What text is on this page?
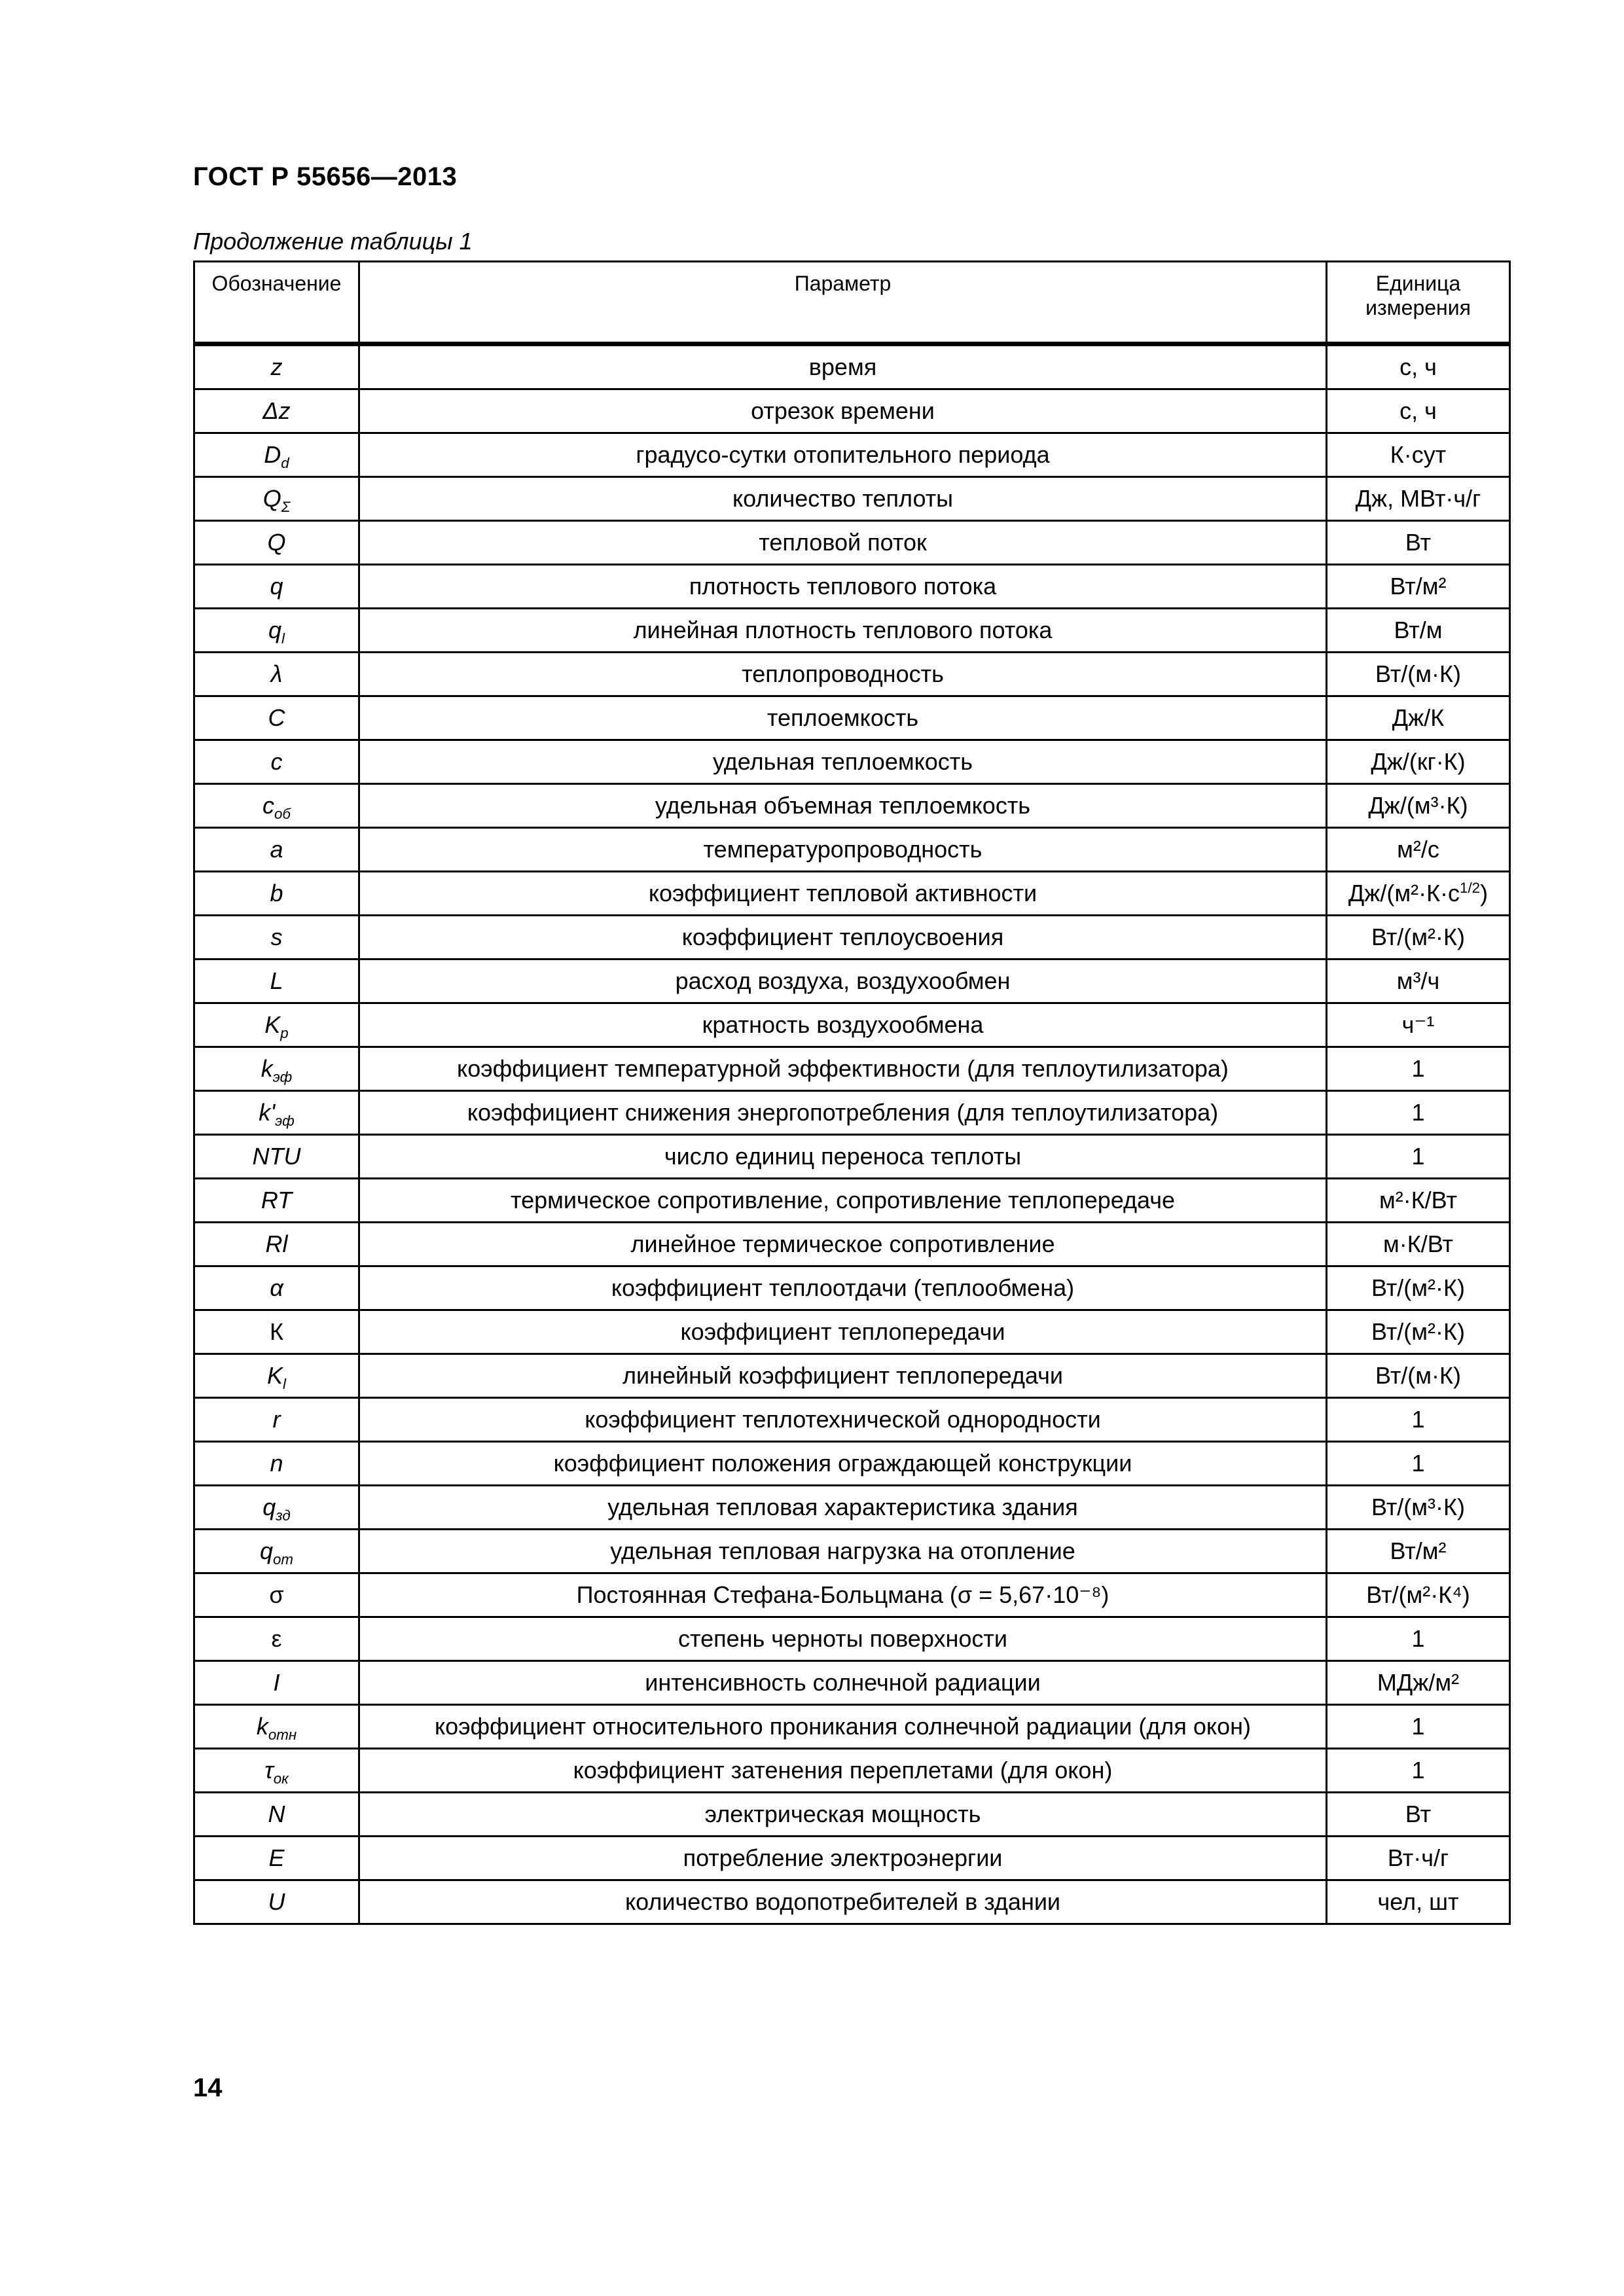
ГОСТ Р 55656—2013
Продолжение таблицы 1
Обозначение	Параметр	Единица
измерения
z	время	с, ч
Δz	отрезок времени	с, ч
$D_d$	градусо-сутки отопительного периода	К·сут
$Q_\Sigma$	количество теплоты	Дж, МВт·ч/г
Q	тепловой поток	Вт
q	плотность теплового потока	Вт/м²
$q_l$	линейная плотность теплового потока	Вт/м
λ	теплопроводность	Вт/(м·К)
C	теплоемкость	Дж/К
c	удельная теплоемкость	Дж/(кг·К)
$c_{об}$	удельная объемная теплоемкость	Дж/(м³·К)
a	температуропроводность	м²/с
b	коэффициент тепловой активности	$Дж/(м^2\cdot К\cdot с^{1/2})$
s	коэффициент теплоусвоения	Вт/(м²·К)
L	расход воздуха, воздухообмен	м³/ч
$K_p$	кратность воздухообмена	ч⁻¹
$k_{эф}$	коэффициент температурной эффективности (для теплоутилизатора)	1
$k'_{эф}$	коэффициент снижения энергопотребления (для теплоутилизатора)	1
NTU	число единиц переноса теплоты	1
RT	термическое сопротивление, сопротивление теплопередаче	м²·К/Вт
Rl	линейное термическое сопротивление	м·К/Вт
α	коэффициент теплоотдачи (теплообмена)	Вт/(м²·К)
К	коэффициент теплопередачи	Вт/(м²·К)
$K_l$	линейный коэффициент теплопередачи	Вт/(м·К)
r	коэффициент теплотехнической однородности	1
n	коэффициент положения ограждающей конструкции	1
$q_{зд}$	удельная тепловая характеристика здания	Вт/(м³·К)
$q_{от}$	удельная тепловая нагрузка на отопление	Вт/м²
σ	Постоянная Стефана-Больцмана (σ = 5,67·10⁻⁸)	Вт/(м²·К⁴)
ε	степень черноты поверхности	1
I	интенсивность солнечной радиации	МДж/м²
$k_{отн}$	коэффициент относительного проникания солнечной радиации (для окон)	1
$\tau_{ок}$	коэффициент затенения переплетами (для окон)	1
N	электрическая мощность	Вт
E	потребление электроэнергии	Вт·ч/г
U	количество водопотребителей в здании	чел, шт
14
